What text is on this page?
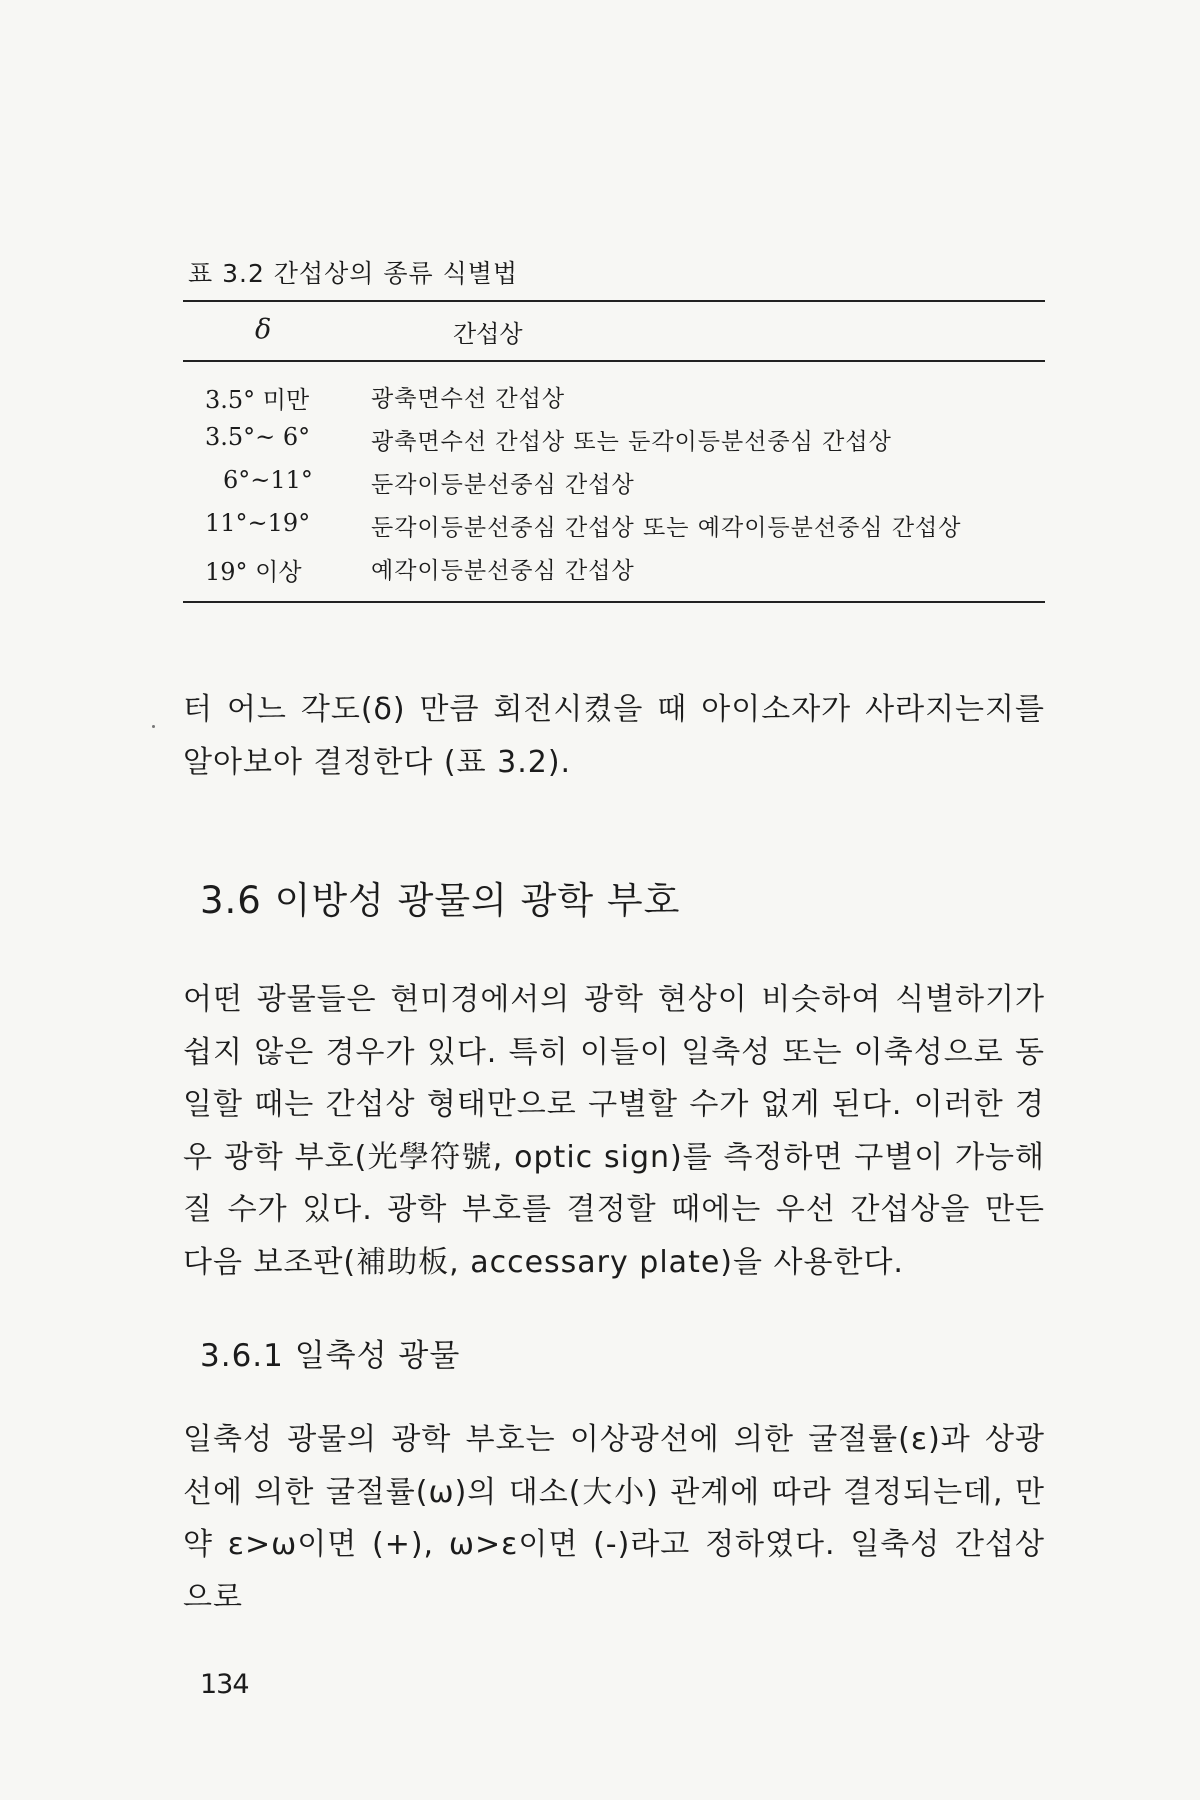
표 3.2 간섭상의 종류 식별법
δ	간섭상
3.5° 미만	광축면수선 간섭상
3.5°~ 6°	광축면수선 간섭상 또는 둔각이등분선중심 간섭상
6°~11°	둔각이등분선중심 간섭상
11°~19°	둔각이등분선중심 간섭상 또는 예각이등분선중심 간섭상
19° 이상	예각이등분선중심 간섭상

터 어느 각도(δ) 만큼 회전시켰을 때 아이소자가 사라지는지를 알아보아 결정한다 (표 3.2).

3.6 이방성 광물의 광학 부호

어떤 광물들은 현미경에서의 광학 현상이 비슷하여 식별하기가 쉽지 않은 경우가 있다. 특히 이들이 일축성 또는 이축성으로 동일할 때는 간섭상 형태만으로 구별할 수가 없게 된다. 이러한 경우 광학 부호(光學符號, optic sign)를 측정하면 구별이 가능해 질 수가 있다. 광학 부호를 결정할 때에는 우선 간섭상을 만든 다음 보조판(補助板, accessary plate)을 사용한다.

3.6.1 일축성 광물

일축성 광물의 광학 부호는 이상광선에 의한 굴절률(ε)과 상광선에 의한 굴절률(ω)의 대소(大小) 관계에 따라 결정되는데, 만약 ε>ω이면 (+), ω>ε이면 (-)라고 정하였다. 일축성 간섭상으로

134
